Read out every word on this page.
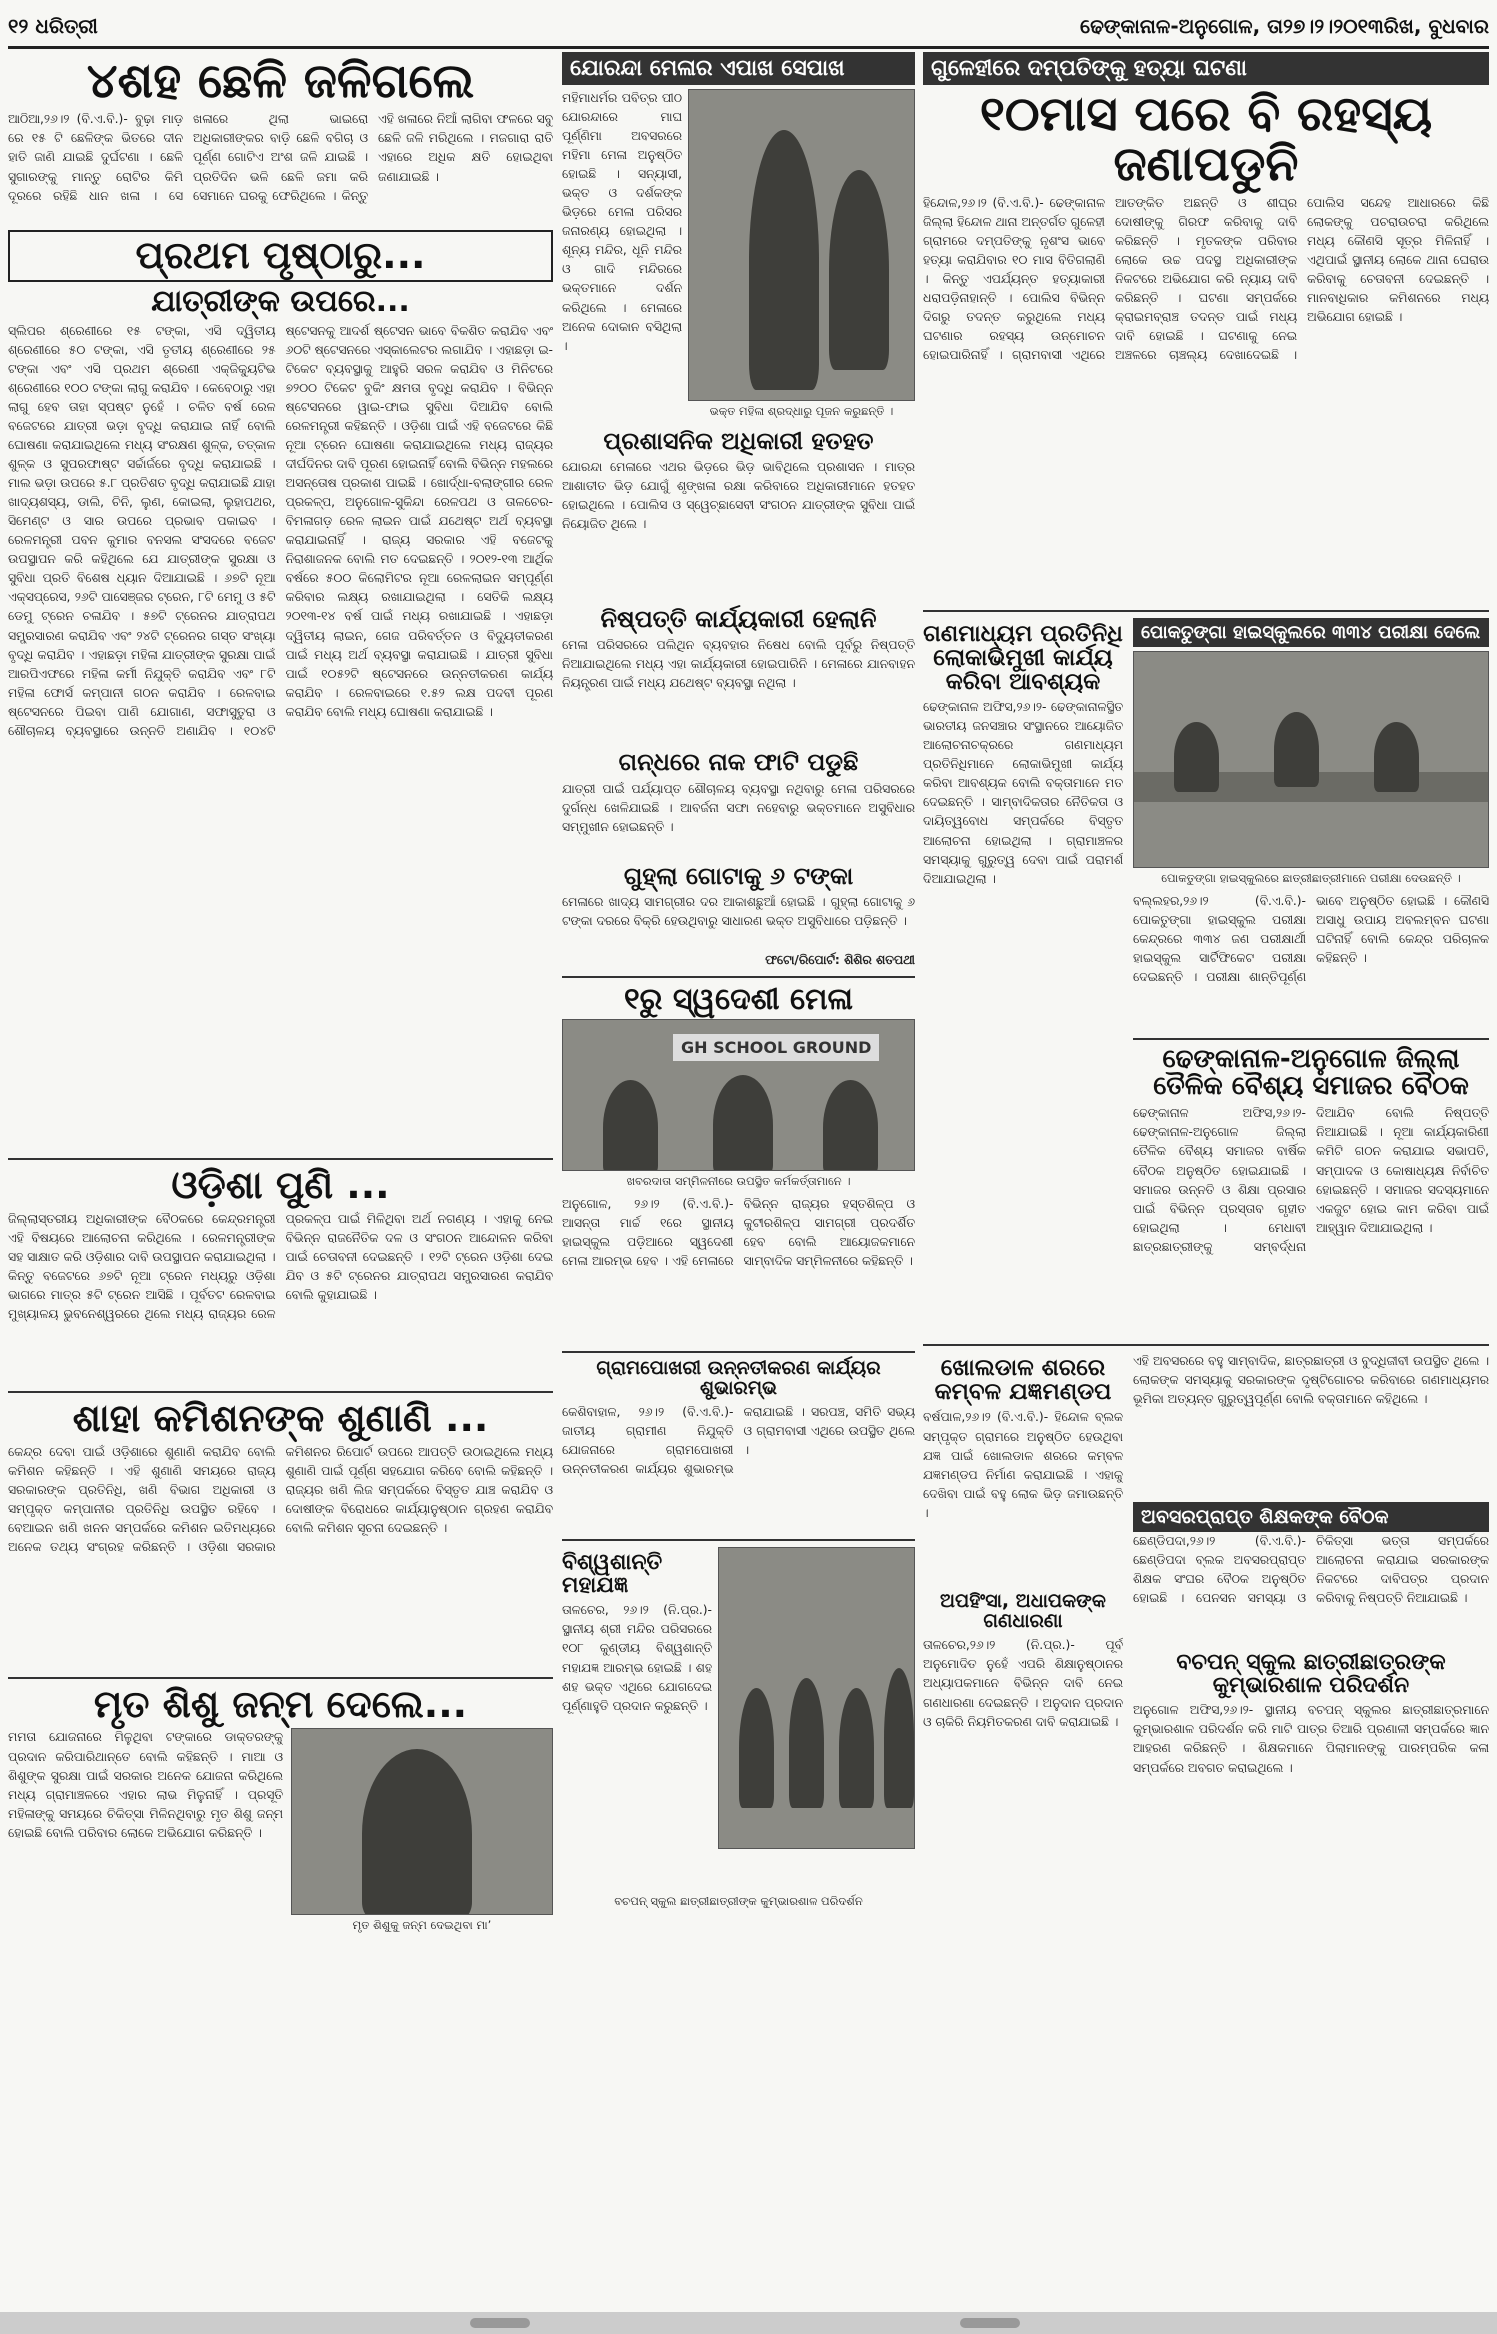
୧୨ ଧରିତ୍ରୀ	ଢେଙ୍କାନାଳ-ଅନୁଗୋଳ, ତା୨୭।୨।୨୦୧୩ରିଖ, ବୁଧବାର
୪ଶହ ଛେଳି ଜଳିଗଲେ
ଆଠିଆ,୨୬।୨ (ବି.ଏ.ବି.)- ବୁଢ଼ା ମାଡ଼ ରେ ୧୫ ଟି ଛେଳିଙ୍କ ଭିତରେ ଦୀନ ହାତି ଜାଣି ଯାଇଛି ଦୁର୍ଘଟଣା । ଛେଳି ସୁଗାରଙ୍କୁ ମାନ୍ତୁ ରୋଟିର କିମି ଦୂରରେ ରହିଛି ଧାନ ଖଳା । ସେ ଖଳାରେ ଥିଲା ଭାଇରୋ ଅଧିକାରୀଙ୍କର ବାଡ଼ି ଛେଳି ବଗିଚା ଓ ପୂର୍ଣ୍ଣ ଗୋଟିଏ ଅଂଶ ଜଳି ଯାଇଛି । ପ୍ରତିଦିନ ଭଳି ଛେଳି ଜମା କରି ସେମାନେ ଘରକୁ ଫେରିଥିଲେ । କିନ୍ତୁ ଏହି ଖଳାରେ ନିଆଁ ଲାଗିବା ଫଳରେ ସବୁ ଛେଳି ଜଳି ମରିଥିଲେ । ମଜଗାରା ରାତି ଏହାରେ ଅଧିକ କ୍ଷତି ହୋଇଥିବା ଜଣାଯାଇଛି ।
ପ୍ରଥମ ପୃଷ୍ଠାରୁ...
ଯାତ୍ରୀଙ୍କ ଉପରେ...
ସ୍ଲିପର ଶ୍ରେଣୀରେ ୧୫ ଟଙ୍କା, ଏସି ଦ୍ୱିତୀୟ ଶ୍ରେଣୀରେ ୫୦ ଟଙ୍କା, ଏସି ତୃତୀୟ ଶ୍ରେଣୀରେ ୨୫ ଟଙ୍କା ଏବଂ ଏସି ପ୍ରଥମ ଶ୍ରେଣୀ ଏକ୍ଜିକ୍ୟୁଟିଭ ଶ୍ରେଣୀରେ ୧୦୦ ଟଙ୍କା ଲାଗୁ କରାଯିବ । କେବେଠାରୁ ଏହା ଲାଗୁ ହେବ ତାହା ସ୍ପଷ୍ଟ ନୁହେଁ । ଚଳିତ ବର୍ଷ ରେଳ ବଜେଟରେ ଯାତ୍ରୀ ଭଡ଼ା ବୃଦ୍ଧି କରାଯାଇ ନାହିଁ ବୋଲି ଘୋଷଣା କରାଯାଇଥିଲେ ମଧ୍ୟ ସଂରକ୍ଷଣ ଶୁଳ୍କ, ତତ୍କାଳ ଶୁଳ୍କ ଓ ସୁପରଫାଷ୍ଟ ସର୍ଚ୍ଚାର୍ଜରେ ବୃଦ୍ଧି କରାଯାଇଛି । ମାଲ ଭଡ଼ା ଉପରେ ୫.୮ ପ୍ରତିଶତ ବୃଦ୍ଧି କରାଯାଇଛି ଯାହା ଖାଦ୍ୟଶସ୍ୟ, ଡାଲି, ଚିନି, ଲୁଣ, କୋଇଲା, ଲୁହାପଥର, ସିମେଣ୍ଟ ଓ ସାର ଉପରେ ପ୍ରଭାବ ପକାଇବ । ରେଳମନ୍ତ୍ରୀ ପବନ କୁମାର ବନସଲ ସଂସଦରେ ବଜେଟ ଉପସ୍ଥାପନ କରି କହିଥିଲେ ଯେ ଯାତ୍ରୀଙ୍କ ସୁରକ୍ଷା ଓ ସୁବିଧା ପ୍ରତି ବିଶେଷ ଧ୍ୟାନ ଦିଆଯାଇଛି । ୬୭ଟି ନୂଆ ଏକ୍ସପ୍ରେସ, ୨୬ଟି ପାସେଞ୍ଜର ଟ୍ରେନ, ୮ଟି ମେମୁ ଓ ୫ଟି ଡେମୁ ଟ୍ରେନ ଚଳାଯିବ । ୫୭ଟି ଟ୍ରେନର ଯାତ୍ରାପଥ ସମ୍ପ୍ରସାରଣ କରାଯିବ ଏବଂ ୨୪ଟି ଟ୍ରେନର ଗସ୍ତ ସଂଖ୍ୟା ବୃଦ୍ଧି କରାଯିବ । ଏହାଛଡ଼ା ମହିଳା ଯାତ୍ରୀଙ୍କ ସୁରକ୍ଷା ପାଇଁ ଆରପିଏଫରେ ମହିଳା କର୍ମୀ ନିଯୁକ୍ତି କରାଯିବ ଏବଂ ୮ଟି ମହିଳା ଫୋର୍ସ କମ୍ପାନୀ ଗଠନ କରାଯିବ । ରେଳବାଇ ଷ୍ଟେସନରେ ପିଇବା ପାଣି ଯୋଗାଣ, ସଫାସୁତୁରା ଓ ଶୌଚାଳୟ ବ୍ୟବସ୍ଥାରେ ଉନ୍ନତି ଅଣାଯିବ । ୧୦୪ଟି ଷ୍ଟେସନକୁ ଆଦର୍ଶ ଷ୍ଟେସନ ଭାବେ ବିକଶିତ କରାଯିବ ଏବଂ ୬୦ଟି ଷ୍ଟେସନରେ ଏସ୍କାଲେଟର ଲଗାଯିବ । ଏହାଛଡ଼ା ଇ-ଟିକେଟ ବ୍ୟବସ୍ଥାକୁ ଆହୁରି ସରଳ କରାଯିବ ଓ ମିନିଟରେ ୭୨୦୦ ଟିକେଟ ବୁକିଂ କ୍ଷମତା ବୃଦ୍ଧି କରାଯିବ । ବିଭିନ୍ନ ଷ୍ଟେସନରେ ୱାଇ-ଫାଇ ସୁବିଧା ଦିଆଯିବ ବୋଲି ରେଳମନ୍ତ୍ରୀ କହିଛନ୍ତି । ଓଡ଼ିଶା ପାଇଁ ଏହି ବଜେଟରେ କିଛି ନୂଆ ଟ୍ରେନ ଘୋଷଣା କରାଯାଇଥିଲେ ମଧ୍ୟ ରାଜ୍ୟର ଦୀର୍ଘଦିନର ଦାବି ପୂରଣ ହୋଇନାହିଁ ବୋଲି ବିଭିନ୍ନ ମହଲରେ ଅସନ୍ତୋଷ ପ୍ରକାଶ ପାଇଛି । ଖୋର୍ଦ୍ଧା-ବଲାଙ୍ଗୀର ରେଳ ପ୍ରକଳ୍ପ, ଅନୁଗୋଳ-ସୁକିନ୍ଦା ରେଳପଥ ଓ ତାଳଚେର-ବିମଳାଗଡ଼ ରେଳ ଲାଇନ ପାଇଁ ଯଥେଷ୍ଟ ଅର୍ଥ ବ୍ୟବସ୍ଥା କରାଯାଇନାହିଁ । ରାଜ୍ୟ ସରକାର ଏହି ବଜେଟକୁ ନିରାଶାଜନକ ବୋଲି ମତ ଦେଇଛନ୍ତି । ୨୦୧୨-୧୩ ଆର୍ଥିକ ବର୍ଷରେ ୫୦୦ କିଲୋମିଟର ନୂଆ ରେଳଲାଇନ ସମ୍ପୂର୍ଣ୍ଣ କରିବାର ଲକ୍ଷ୍ୟ ରଖାଯାଇଥିଲା । ସେତିକି ଲକ୍ଷ୍ୟ ୨୦୧୩-୧୪ ବର୍ଷ ପାଇଁ ମଧ୍ୟ ରଖାଯାଇଛି । ଏହାଛଡ଼ା ଦ୍ୱିତୀୟ ଲାଇନ, ଗେଜ ପରିବର୍ତ୍ତନ ଓ ବିଦ୍ୟୁତୀକରଣ ପାଇଁ ମଧ୍ୟ ଅର୍ଥ ବ୍ୟବସ୍ଥା କରାଯାଇଛି । ଯାତ୍ରୀ ସୁବିଧା ପାଇଁ ୧୦୫୨ଟି ଷ୍ଟେସନରେ ଉନ୍ନତୀକରଣ କାର୍ଯ୍ୟ କରାଯିବ । ରେଳବାଇରେ ୧.୫୨ ଲକ୍ଷ ପଦବୀ ପୂରଣ କରାଯିବ ବୋଲି ମଧ୍ୟ ଘୋଷଣା କରାଯାଇଛି ।
ଓଡ଼ିଶା ପୁଣି ...
ଜିଲ୍ଲାସ୍ତରୀୟ ଅଧିକାରୀଙ୍କ ବୈଠକରେ କେନ୍ଦ୍ରମନ୍ତ୍ରୀ ଏହି ବିଷୟରେ ଆଲୋଚନା କରିଥିଲେ । ରେଳମନ୍ତ୍ରୀଙ୍କ ସହ ସାକ୍ଷାତ କରି ଓଡ଼ିଶାର ଦାବି ଉପସ୍ଥାପନ କରାଯାଇଥିଲା । କିନ୍ତୁ ବଜେଟରେ ୬୭ଟି ନୂଆ ଟ୍ରେନ ମଧ୍ୟରୁ ଓଡ଼ିଶା ଭାଗରେ ମାତ୍ର ୫ଟି ଟ୍ରେନ ଆସିଛି । ପୂର୍ବତଟ ରେଳବାଇ ମୁଖ୍ୟାଳୟ ଭୁବନେଶ୍ୱରରେ ଥିଲେ ମଧ୍ୟ ରାଜ୍ୟର ରେଳ ପ୍ରକଳ୍ପ ପାଇଁ ମିଳିଥିବା ଅର୍ଥ ନଗଣ୍ୟ । ଏହାକୁ ନେଇ ବିଭିନ୍ନ ରାଜନୈତିକ ଦଳ ଓ ସଂଗଠନ ଆନ୍ଦୋଳନ କରିବା ପାଇଁ ଚେତାବନୀ ଦେଇଛନ୍ତି । ୧୨ଟି ଟ୍ରେନ ଓଡ଼ିଶା ଦେଇ ଯିବ ଓ ୫ଟି ଟ୍ରେନର ଯାତ୍ରାପଥ ସମ୍ପ୍ରସାରଣ କରାଯିବ ବୋଲି କୁହାଯାଇଛି ।
ଶାହା କମିଶନଙ୍କ ଶୁଣାଣି ...
କେନ୍ଦ୍ର ଦେବା ପାଇଁ ଓଡ଼ିଶାରେ ଶୁଣାଣି କରାଯିବ ବୋଲି କମିଶନ କହିଛନ୍ତି । ଏହି ଶୁଣାଣି ସମୟରେ ରାଜ୍ୟ ସରକାରଙ୍କ ପ୍ରତିନିଧି, ଖଣି ବିଭାଗ ଅଧିକାରୀ ଓ ସମ୍ପୃକ୍ତ କମ୍ପାନୀର ପ୍ରତିନିଧି ଉପସ୍ଥିତ ରହିବେ । ବେଆଇନ ଖଣି ଖନନ ସମ୍ପର୍କରେ କମିଶନ ଇତିମଧ୍ୟରେ ଅନେକ ତଥ୍ୟ ସଂଗ୍ରହ କରିଛନ୍ତି । ଓଡ଼ିଶା ସରକାର କମିଶନର ରିପୋର୍ଟ ଉପରେ ଆପତ୍ତି ଉଠାଇଥିଲେ ମଧ୍ୟ ଶୁଣାଣି ପାଇଁ ପୂର୍ଣ୍ଣ ସହଯୋଗ କରିବେ ବୋଲି କହିଛନ୍ତି । ରାଜ୍ୟର ଖଣି ଲିଜ ସମ୍ପର୍କରେ ବିସ୍ତୃତ ଯାଞ୍ଚ କରାଯିବ ଓ ଦୋଷୀଙ୍କ ବିରୋଧରେ କାର୍ଯ୍ୟାନୁଷ୍ଠାନ ଗ୍ରହଣ କରାଯିବ ବୋଲି କମିଶନ ସୂଚନା ଦେଇଛନ୍ତି ।
ମୃତ ଶିଶୁ ଜନ୍ମ ଦେଲେ...
ମମତା ଯୋଜନାରେ ମିଳୁଥିବା ଟଙ୍କାରେ ଡାକ୍ତରଙ୍କୁ ପ୍ରଦାନ କରିପାରିଥାନ୍ତେ ବୋଲି କହିଛନ୍ତି । ମାଆ ଓ ଶିଶୁଙ୍କ ସୁରକ୍ଷା ପାଇଁ ସରକାର ଅନେକ ଯୋଜନା କରିଥିଲେ ମଧ୍ୟ ଗ୍ରାମାଞ୍ଚଳରେ ଏହାର ଲାଭ ମିଳୁନାହିଁ । ପ୍ରସୂତି ମହିଳାଙ୍କୁ ସମୟରେ ଚିକିତ୍ସା ମିଳିନଥିବାରୁ ମୃତ ଶିଶୁ ଜନ୍ମ ହୋଇଛି ବୋଲି ପରିବାର ଲୋକେ ଅଭିଯୋଗ କରିଛନ୍ତି ।
ମୃତ ଶିଶୁକୁ ଜନ୍ମ ଦେଇଥିବା ମା’
ଯୋରନ୍ଦା ମେଳାର ଏପାଖ ସେପାଖ
ମହିମାଧର୍ମର ପବିତ୍ର ପୀଠ ଯୋରନ୍ଦାରେ ମାଘ ପୂର୍ଣ୍ଣିମା ଅବସରରେ ମହିମା ମେଳା ଅନୁଷ୍ଠିତ ହୋଇଛି । ସନ୍ୟାସୀ, ଭକ୍ତ ଓ ଦର୍ଶକଙ୍କ ଭିଡ଼ରେ ମେଳା ପରିସର ଜନାରଣ୍ୟ ହୋଇଥିଲା । ଶୂନ୍ୟ ମନ୍ଦିର, ଧୂନି ମନ୍ଦିର ଓ ଗାଦି ମନ୍ଦିରରେ ଭକ୍ତମାନେ ଦର୍ଶନ କରିଥିଲେ । ମେଳାରେ ଅନେକ ଦୋକାନ ବସିଥିଲା ।
ଭକ୍ତ ମହିଳା ଶ୍ରଦ୍ଧାରୁ ପୂଜନ କରୁଛନ୍ତି ।
ପ୍ରଶାସନିକ ଅଧିକାରୀ ହତହତ
ଯୋରନ୍ଦା ମେଳାରେ ଏଥର ଭିଡ଼ରେ ଭିଡ଼ ଭାବିଥିଲେ ପ୍ରଶାସନ । ମାତ୍ର ଆଶାତୀତ ଭିଡ଼ ଯୋଗୁଁ ଶୃଙ୍ଖଳା ରକ୍ଷା କରିବାରେ ଅଧିକାରୀମାନେ ହତହତ ହୋଇଥିଲେ । ପୋଲିସ ଓ ସ୍ୱେଚ୍ଛାସେବୀ ସଂଗଠନ ଯାତ୍ରୀଙ୍କ ସୁବିଧା ପାଇଁ ନିୟୋଜିତ ଥିଲେ ।
ନିଷ୍ପତ୍ତି କାର୍ଯ୍ୟକାରୀ ହେଲାନି
ମେଳା ପରିସରରେ ପଲିଥିନ ବ୍ୟବହାର ନିଷେଧ ବୋଲି ପୂର୍ବରୁ ନିଷ୍ପତ୍ତି ନିଆଯାଇଥିଲେ ମଧ୍ୟ ଏହା କାର୍ଯ୍ୟକାରୀ ହୋଇପାରିନି । ମେଳାରେ ଯାନବାହନ ନିୟନ୍ତ୍ରଣ ପାଇଁ ମଧ୍ୟ ଯଥେଷ୍ଟ ବ୍ୟବସ୍ଥା ନଥିଲା ।
ଗନ୍ଧରେ ନାକ ଫାଟି ପଡୁଛି
ଯାତ୍ରୀ ପାଇଁ ପର୍ଯ୍ୟାପ୍ତ ଶୌଚାଳୟ ବ୍ୟବସ୍ଥା ନଥିବାରୁ ମେଳା ପରିସରରେ ଦୁର୍ଗନ୍ଧ ଖେଳିଯାଇଛି । ଆବର୍ଜନା ସଫା ନହେବାରୁ ଭକ୍ତମାନେ ଅସୁବିଧାର ସମ୍ମୁଖୀନ ହୋଇଛନ୍ତି ।
ଗୁହ୍ଲା ଗୋଟାକୁ ୬ ଟଙ୍କା
ମେଳାରେ ଖାଦ୍ୟ ସାମଗ୍ରୀର ଦର ଆକାଶଛୁଆଁ ହୋଇଛି । ଗୁହ୍ଲା ଗୋଟାକୁ ୬ ଟଙ୍କା ଦରରେ ବିକ୍ରି ହେଉଥିବାରୁ ସାଧାରଣ ଭକ୍ତ ଅସୁବିଧାରେ ପଡ଼ିଛନ୍ତି ।
ଫଟୋ/ରିପୋର୍ଟ: ଶିଶିର ଶତପଥୀ
୧ରୁ ସ୍ୱଦେଶୀ ମେଳା
GH SCHOOL GROUND
ଖବରଦାତା ସମ୍ମିଳନୀରେ ଉପସ୍ଥିତ କର୍ମକର୍ତ୍ତାମାନେ ।
ଅନୁଗୋଳ, ୨୬।୨ (ବି.ଏ.ବି.)- ଆସନ୍ତା ମାର୍ଚ୍ଚ ୧ରେ ସ୍ଥାନୀୟ ହାଇସ୍କୁଲ ପଡ଼ିଆରେ ସ୍ୱଦେଶୀ ମେଳା ଆରମ୍ଭ ହେବ । ଏହି ମେଳାରେ ବିଭିନ୍ନ ରାଜ୍ୟର ହସ୍ତଶିଳ୍ପ ଓ କୁଟୀରଶିଳ୍ପ ସାମଗ୍ରୀ ପ୍ରଦର୍ଶିତ ହେବ ବୋଲି ଆୟୋଜକମାନେ ସାମ୍ବାଦିକ ସମ୍ମିଳନୀରେ କହିଛନ୍ତି ।
ଗ୍ରାମପୋଖରୀ ଉନ୍ନତୀକରଣ କାର୍ଯ୍ୟର ଶୁଭାରମ୍ଭ
କେଶିବାହାଳ, ୨୬।୨ (ବି.ଏ.ବି.)- ଜାତୀୟ ଗ୍ରାମୀଣ ନିଯୁକ୍ତି ଯୋଜନାରେ ଗ୍ରାମପୋଖରୀ ଉନ୍ନତୀକରଣ କାର୍ଯ୍ୟର ଶୁଭାରମ୍ଭ କରାଯାଇଛି । ସରପଞ୍ଚ, ସମିତି ସଭ୍ୟ ଓ ଗ୍ରାମବାସୀ ଏଥିରେ ଉପସ୍ଥିତ ଥିଲେ ।
ବିଶ୍ୱଶାନ୍ତି ମହାଯଜ୍ଞ
ତାଳଚେର, ୨୬।୨ (ନି.ପ୍ର.)- ସ୍ଥାନୀୟ ଶ୍ରୀ ମନ୍ଦିର ପରିସରରେ ୧୦୮ କୁଣ୍ଡୀୟ ବିଶ୍ୱଶାନ୍ତି ମହାଯଜ୍ଞ ଆରମ୍ଭ ହୋଇଛି । ଶହ ଶହ ଭକ୍ତ ଏଥିରେ ଯୋଗଦେଇ ପୂର୍ଣ୍ଣାହୁତି ପ୍ରଦାନ କରୁଛନ୍ତି ।
ବଚପନ୍ ସ୍କୁଲ ଛାତ୍ରୀଛାତ୍ରୀଙ୍କ କୁମ୍ଭାରଶାଳ ପରିଦର୍ଶନ
ଗୁଳେହୀରେ ଦମ୍ପତିଙ୍କୁ ହତ୍ୟା ଘଟଣା
୧୦ମାସ ପରେ ବି ରହସ୍ୟ ଜଣାପଡୁନି
ହିନ୍ଦୋଳ,୨୬।୨ (ବି.ଏ.ବି.)- ଢେଙ୍କାନାଳ ଜିଲ୍ଲା ହିନ୍ଦୋଳ ଥାନା ଅନ୍ତର୍ଗତ ଗୁଳେହୀ ଗ୍ରାମରେ ଦମ୍ପତିଙ୍କୁ ନୃଶଂସ ଭାବେ ହତ୍ୟା କରାଯିବାର ୧୦ ମାସ ବିତିଗଲାଣି । କିନ୍ତୁ ଏପର୍ଯ୍ୟନ୍ତ ହତ୍ୟାକାରୀ ଧରାପଡ଼ିନାହାନ୍ତି । ପୋଲିସ ବିଭିନ୍ନ ଦିଗରୁ ତଦନ୍ତ କରୁଥିଲେ ମଧ୍ୟ ଘଟଣାର ରହସ୍ୟ ଉନ୍ମୋଚନ ହୋଇପାରିନାହିଁ । ଗ୍ରାମବାସୀ ଏଥିରେ ଆତଙ୍କିତ ଅଛନ୍ତି ଓ ଶୀଘ୍ର ଦୋଷୀଙ୍କୁ ଗିରଫ କରିବାକୁ ଦାବି କରିଛନ୍ତି । ମୃତକଙ୍କ ପରିବାର ଲୋକେ ଉଚ୍ଚ ପଦସ୍ଥ ଅଧିକାରୀଙ୍କ ନିକଟରେ ଅଭିଯୋଗ କରି ନ୍ୟାୟ ଦାବି କରିଛନ୍ତି । ଘଟଣା ସମ୍ପର୍କରେ କ୍ରାଇମବ୍ରାଞ୍ଚ ତଦନ୍ତ ପାଇଁ ମଧ୍ୟ ଦାବି ହୋଇଛି । ଘଟଣାକୁ ନେଇ ଅଞ୍ଚଳରେ ଚାଞ୍ଚଲ୍ୟ ଦେଖାଦେଇଛି । ପୋଲିସ ସନ୍ଦେହ ଆଧାରରେ କିଛି ଲୋକଙ୍କୁ ପଚରାଉଚରା କରିଥିଲେ ମଧ୍ୟ କୌଣସି ସୂତ୍ର ମିଳିନାହିଁ । ଏଥିପାଇଁ ସ୍ଥାନୀୟ ଲୋକେ ଥାନା ଘେରାଉ କରିବାକୁ ଚେତାବନୀ ଦେଇଛନ୍ତି । ମାନବାଧିକାର କମିଶନରେ ମଧ୍ୟ ଅଭିଯୋଗ ହୋଇଛି ।
ଗଣମାଧ୍ୟମ ପ୍ରତିନିଧି ଲୋକାଭିମୁଖୀ କାର୍ଯ୍ୟ କରିବା ଆବଶ୍ୟକ
ଢେଙ୍କାନାଳ ଅଫିସ,୨୬।୨- ଢେଙ୍କାନାଳସ୍ଥିତ ଭାରତୀୟ ଜନସଞ୍ଚାର ସଂସ୍ଥାନରେ ଆୟୋଜିତ ଆଲୋଚନାଚକ୍ରରେ ଗଣମାଧ୍ୟମ ପ୍ରତିନିଧିମାନେ ଲୋକାଭିମୁଖୀ କାର୍ଯ୍ୟ କରିବା ଆବଶ୍ୟକ ବୋଲି ବକ୍ତାମାନେ ମତ ଦେଇଛନ୍ତି । ସାମ୍ବାଦିକତାର ନୈତିକତା ଓ ଦାୟିତ୍ୱବୋଧ ସମ୍ପର୍କରେ ବିସ୍ତୃତ ଆଲୋଚନା ହୋଇଥିଲା । ଗ୍ରାମାଞ୍ଚଳର ସମସ୍ୟାକୁ ଗୁରୁତ୍ୱ ଦେବା ପାଇଁ ପରାମର୍ଶ ଦିଆଯାଇଥିଲା ।
ପୋକତୁଙ୍ଗା ହାଇସ୍କୁଲରେ ୩୩୪ ପରୀକ୍ଷା ଦେଲେ
ପୋକତୁଙ୍ଗା ହାଇସ୍କୁଲରେ ଛାତ୍ରୀଛାତ୍ରୀମାନେ ପରୀକ୍ଷା ଦେଉଛନ୍ତି ।
ବଲ୍ଲହର,୨୬।୨ (ବି.ଏ.ବି.)- ପୋକତୁଙ୍ଗା ହାଇସ୍କୁଲ ପରୀକ୍ଷା କେନ୍ଦ୍ରରେ ୩୩୪ ଜଣ ପରୀକ୍ଷାର୍ଥୀ ହାଇସ୍କୁଲ ସାର୍ଟିଫିକେଟ ପରୀକ୍ଷା ଦେଇଛନ୍ତି । ପରୀକ୍ଷା ଶାନ୍ତିପୂର୍ଣ୍ଣ ଭାବେ ଅନୁଷ୍ଠିତ ହୋଇଛି । କୌଣସି ଅସାଧୁ ଉପାୟ ଅବଲମ୍ବନ ଘଟଣା ଘଟିନାହିଁ ବୋଲି କେନ୍ଦ୍ର ପରିଚାଳକ କହିଛନ୍ତି ।
ଢେଙ୍କାନାଳ-ଅନୁଗୋଳ ଜିଲ୍ଲା ତୈଳିକ ବୈଶ୍ୟ ସମାଜର ବୈଠକ
ଢେଙ୍କାନାଳ ଅଫିସ,୨୬।୨- ଢେଙ୍କାନାଳ-ଅନୁଗୋଳ ଜିଲ୍ଲା ତୈଳିକ ବୈଶ୍ୟ ସମାଜର ବାର୍ଷିକ ବୈଠକ ଅନୁଷ୍ଠିତ ହୋଇଯାଇଛି । ସମାଜର ଉନ୍ନତି ଓ ଶିକ୍ଷା ପ୍ରସାର ପାଇଁ ବିଭିନ୍ନ ପ୍ରସ୍ତାବ ଗୃହୀତ ହୋଇଥିଲା । ମେଧାବୀ ଛାତ୍ରଛାତ୍ରୀଙ୍କୁ ସମ୍ବର୍ଦ୍ଧନା ଦିଆଯିବ ବୋଲି ନିଷ୍ପତ୍ତି ନିଆଯାଇଛି । ନୂଆ କାର୍ଯ୍ୟକାରିଣୀ କମିଟି ଗଠନ କରାଯାଇ ସଭାପତି, ସମ୍ପାଦକ ଓ କୋଷାଧ୍ୟକ୍ଷ ନିର୍ବାଚିତ ହୋଇଛନ୍ତି । ସମାଜର ସଦସ୍ୟମାନେ ଏକଜୁଟ ହୋଇ କାମ କରିବା ପାଇଁ ଆହ୍ୱାନ ଦିଆଯାଇଥିଲା ।
ଖୋଲଡାଳ ଶରରେ କମ୍ବଳ ଯଜ୍ଞମଣ୍ଡପ
ବର୍ଷପାଳ,୨୬।୨ (ବି.ଏ.ବି.)- ହିନ୍ଦୋଳ ବ୍ଲକ ସମ୍ପୃକ୍ତ ଗ୍ରାମରେ ଅନୁଷ୍ଠିତ ହେଉଥିବା ଯଜ୍ଞ ପାଇଁ ଖୋଲଡାଳ ଶରରେ କମ୍ବଳ ଯଜ୍ଞମଣ୍ଡପ ନିର୍ମାଣ କରାଯାଇଛି । ଏହାକୁ ଦେଖିବା ପାଇଁ ବହୁ ଲୋକ ଭିଡ଼ ଜମାଉଛନ୍ତି ।
ଅପହିଂସା, ଅଧାପକଙ୍କ ଗଣଧାରଣା
ତାଳଚେର,୨୬।୨ (ନି.ପ୍ର.)- ପୂର୍ବ ଅନୁମୋଦିତ ନୁହେଁ ଏପରି ଶିକ୍ଷାନୁଷ୍ଠାନର ଅଧ୍ୟାପକମାନେ ବିଭିନ୍ନ ଦାବି ନେଇ ଗଣଧାରଣା ଦେଇଛନ୍ତି । ଅନୁଦାନ ପ୍ରଦାନ ଓ ଚାକିରି ନିୟମିତକରଣ ଦାବି କରାଯାଇଛି ।
ଏହି ଅବସରରେ ବହୁ ସାମ୍ବାଦିକ, ଛାତ୍ରଛାତ୍ରୀ ଓ ବୁଦ୍ଧିଜୀବୀ ଉପସ୍ଥିତ ଥିଲେ । ଲୋକଙ୍କ ସମସ୍ୟାକୁ ସରକାରଙ୍କ ଦୃଷ୍ଟିଗୋଚର କରିବାରେ ଗଣମାଧ୍ୟମର ଭୂମିକା ଅତ୍ୟନ୍ତ ଗୁରୁତ୍ୱପୂର୍ଣ୍ଣ ବୋଲି ବକ୍ତାମାନେ କହିଥିଲେ ।
ଅବସରପ୍ରାପ୍ତ ଶିକ୍ଷକଙ୍କ ବୈଠକ
ଛେଣ୍ଡିପଦା,୨୬।୨ (ବି.ଏ.ବି.)- ଛେଣ୍ଡିପଦା ବ୍ଲକ ଅବସରପ୍ରାପ୍ତ ଶିକ୍ଷକ ସଂଘର ବୈଠକ ଅନୁଷ୍ଠିତ ହୋଇଛି । ପେନସନ ସମସ୍ୟା ଓ ଚିକିତ୍ସା ଭତ୍ତା ସମ୍ପର୍କରେ ଆଲୋଚନା କରାଯାଇ ସରକାରଙ୍କ ନିକଟରେ ଦାବିପତ୍ର ପ୍ରଦାନ କରିବାକୁ ନିଷ୍ପତ୍ତି ନିଆଯାଇଛି ।
ବଚପନ୍ ସ୍କୁଲ ଛାତ୍ରୀଛାତ୍ରଙ୍କ କୁମ୍ଭାରଶାଳ ପରିଦର୍ଶନ
ଅନୁଗୋଳ ଅଫିସ,୨୬।୨- ସ୍ଥାନୀୟ ବଚପନ୍ ସ୍କୁଲର ଛାତ୍ରୀଛାତ୍ରମାନେ କୁମ୍ଭାରଶାଳ ପରିଦର୍ଶନ କରି ମାଟି ପାତ୍ର ତିଆରି ପ୍ରଣାଳୀ ସମ୍ପର୍କରେ ଜ୍ଞାନ ଆହରଣ କରିଛନ୍ତି । ଶିକ୍ଷକମାନେ ପିଲାମାନଙ୍କୁ ପାରମ୍ପରିକ କଳା ସମ୍ପର୍କରେ ଅବଗତ କରାଇଥିଲେ ।
